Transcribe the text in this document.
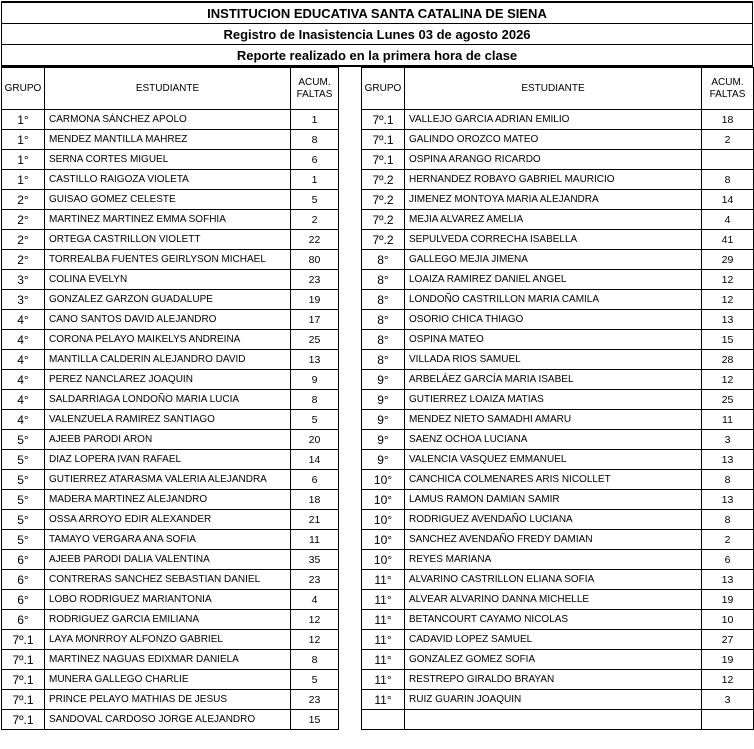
INSTITUCION EDUCATIVA SANTA CATALINA DE SIENA
Registro de Inasistencia Lunes 03 de agosto 2026
Reporte realizado en la primera hora de clase
GRUPO	ESTUDIANTE	ACUM.
FALTAS
1°	CARMONA SÁNCHEZ APOLO	1
1°	MENDEZ MANTILLA MAHREZ	8
1°	SERNA CORTES MIGUEL	6
1°	CASTILLO RAIGOZA VIOLETA	1
2°	GUISAO GOMEZ CELESTE	5
2°	MARTINEZ MARTINEZ EMMA SOFHIA	2
2°	ORTEGA CASTRILLON VIOLETT	22
2°	TORREALBA FUENTES GEIRLYSON MICHAEL	80
3°	COLINA EVELYN	23
3°	GONZALEZ GARZON GUADALUPE	19
4°	CANO SANTOS DAVID ALEJANDRO	17
4°	CORONA PELAYO MAIKELYS ANDREINA	25
4°	MANTILLA CALDERIN ALEJANDRO DAVID	13
4°	PEREZ NANCLAREZ JOAQUIN	9
4°	SALDARRIAGA LONDOÑO MARIA LUCIA	8
4°	VALENZUELA RAMIREZ SANTIAGO	5
5°	AJEEB PARODI ARON	20
5°	DIAZ LOPERA IVAN RAFAEL	14
5°	GUTIERREZ ATARASMA VALERIA ALEJANDRA	6
5°	MADERA MARTINEZ ALEJANDRO	18
5°	OSSA ARROYO EDIR ALEXANDER	21
5°	TAMAYO VERGARA ANA SOFIA	11
6°	AJEEB PARODI DALIA VALENTINA	35
6°	CONTRERAS SANCHEZ SEBASTIAN DANIEL	23
6°	LOBO RODRIGUEZ MARIANTONIA	4
6°	RODRIGUEZ GARCIA EMILIANA	12
7º.1	LAYA MONRROY ALFONZO GABRIEL	12
7º.1	MARTINEZ NAGUAS EDIXMAR DANIELA	8
7º.1	MUNERA GALLEGO CHARLIE	5
7º.1	PRINCE PELAYO MATHIAS DE JESUS	23
7º.1	SANDOVAL CARDOSO JORGE ALEJANDRO	15
GRUPO	ESTUDIANTE	ACUM.
FALTAS
7º.1	VALLEJO GARCIA ADRIAN EMILIO	18
7º.1	GALINDO OROZCO MATEO	2
7º.1	OSPINA ARANGO RICARDO	
7º.2	HERNANDEZ ROBAYO GABRIEL MAURICIO	8
7º.2	JIMENEZ MONTOYA MARIA ALEJANDRA	14
7º.2	MEJIA ALVAREZ AMELIA	4
7º.2	SEPULVEDA CORRECHA ISABELLA	41
8°	GALLEGO MEJIA JIMENA	29
8°	LOAIZA RAMIREZ DANIEL ANGEL	12
8°	LONDOÑO CASTRILLON MARIA CAMILA	12
8°	OSORIO CHICA THIAGO	13
8°	OSPINA MATEO	15
8°	VILLADA RIOS SAMUEL	28
9°	ARBELÁEZ GARCÍA MARIA ISABEL	12
9°	GUTIERREZ LOAIZA MATIAS	25
9°	MENDEZ NIETO SAMADHI AMARU	11
9°	SAENZ OCHOA LUCIANA	3
9°	VALENCIA VASQUEZ EMMANUEL	13
10°	CANCHICA COLMENARES ARIS NICOLLET	8
10°	LAMUS RAMON DAMIAN SAMIR	13
10°	RODRIGUEZ AVENDAÑO LUCIANA	8
10°	SANCHEZ AVENDAÑO FREDY DAMIAN	2
10°	REYES MARIANA	6
11°	ALVARINO CASTRILLON ELIANA SOFIA	13
11°	ALVEAR ALVARINO DANNA MICHELLE	19
11°	BETANCOURT CAYAMO NICOLAS	10
11°	CADAVID LOPEZ SAMUEL	27
11°	GONZALEZ GOMEZ SOFIA	19
11°	RESTREPO GIRALDO BRAYAN	12
11°	RUIZ GUARIN JOAQUIN	3
